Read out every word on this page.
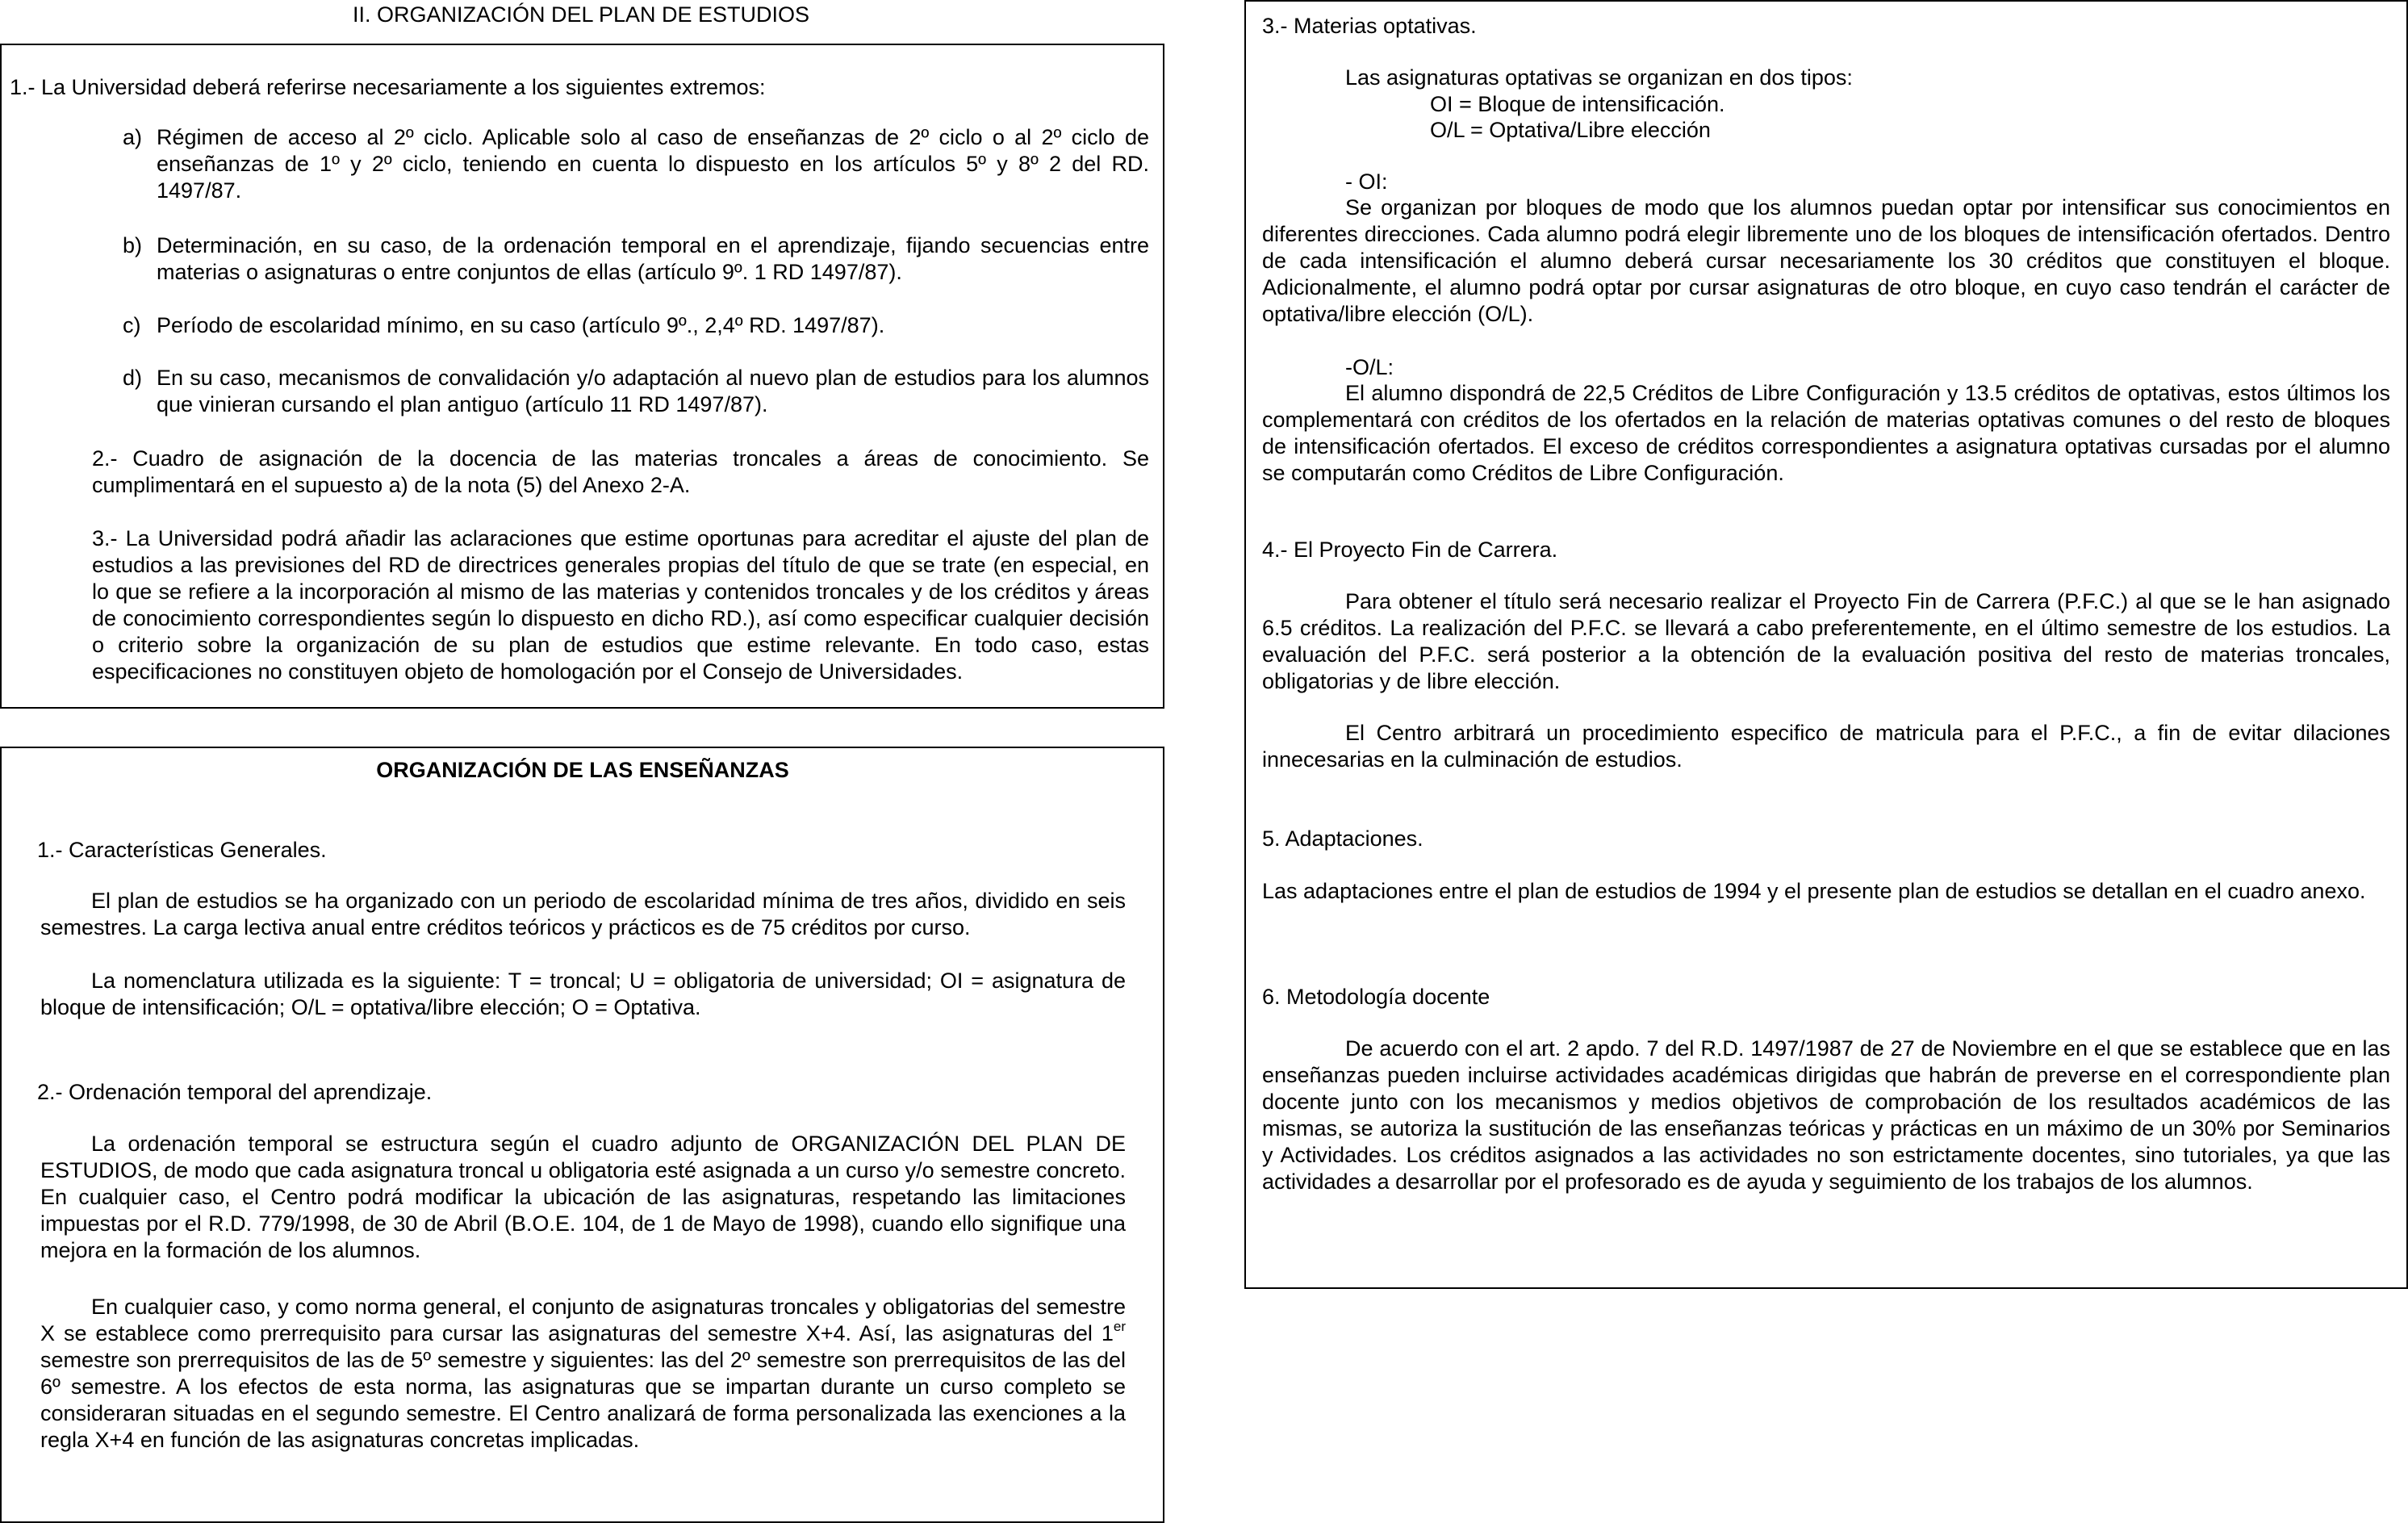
II. ORGANIZACIÓN DEL PLAN DE ESTUDIOS

1.- La Universidad deberá referirse necesariamente a los siguientes extremos:

a) Régimen de acceso al 2º ciclo. Aplicable solo al caso de enseñanzas de 2º ciclo o al 2º ciclo de enseñanzas de 1º y 2º ciclo, teniendo en cuenta lo dispuesto en los artículos 5º y 8º 2 del RD. 1497/87.

b) Determinación, en su caso, de la ordenación temporal en el aprendizaje, fijando secuencias entre materias o asignaturas o entre conjuntos de ellas (artículo 9º. 1 RD 1497/87).

c) Período de escolaridad mínimo, en su caso (artículo 9º., 2,4º RD. 1497/87).

d) En su caso, mecanismos de convalidación y/o adaptación al nuevo plan de estudios para los alumnos que vinieran cursando el plan antiguo (artículo 11 RD 1497/87).

2.- Cuadro de asignación de la docencia de las materias troncales a áreas de conocimiento. Se cumplimentará en el supuesto a) de la nota (5) del Anexo 2-A.

3.- La Universidad podrá añadir las aclaraciones que estime oportunas para acreditar el ajuste del plan de estudios a las previsiones del RD de directrices generales propias del título de que se trate (en especial, en lo que se refiere a la incorporación al mismo de las materias y contenidos troncales y de los créditos y áreas de conocimiento correspondientes según lo dispuesto en dicho RD.), así como especificar cualquier decisión o criterio sobre la organización de su plan de estudios que estime relevante. En todo caso, estas especificaciones no constituyen objeto de homologación por el Consejo de Universidades.

ORGANIZACIÓN DE LAS ENSEÑANZAS

1.- Características Generales.

El plan de estudios se ha organizado con un periodo de escolaridad mínima de tres años, dividido en seis semestres. La carga lectiva anual entre créditos teóricos y prácticos es de 75 créditos por curso.

La nomenclatura utilizada es la siguiente: T = troncal; U = obligatoria de universidad; OI = asignatura de bloque de intensificación; O/L = optativa/libre elección; O = Optativa.

2.- Ordenación temporal del aprendizaje.

La ordenación temporal se estructura según el cuadro adjunto de ORGANIZACIÓN DEL PLAN DE ESTUDIOS, de modo que cada asignatura troncal u obligatoria esté asignada a un curso y/o semestre concreto. En cualquier caso, el Centro podrá modificar la ubicación de las asignaturas, respetando las limitaciones impuestas por el R.D. 779/1998, de 30 de Abril (B.O.E. 104, de 1 de Mayo de 1998), cuando ello signifique una mejora en la formación de los alumnos.

En cualquier caso, y como norma general, el conjunto de asignaturas troncales y obligatorias del semestre X se establece como prerrequisito para cursar las asignaturas del semestre X+4. Así, las asignaturas del 1er semestre son prerrequisitos de las de 5º semestre y siguientes: las del 2º semestre son prerrequisitos de las del 6º semestre. A los efectos de esta norma, las asignaturas que se impartan durante un curso completo se consideraran situadas en el segundo semestre. El Centro analizará de forma personalizada las exenciones a la regla X+4 en función de las asignaturas concretas implicadas.

3.- Materias optativas.

Las asignaturas optativas se organizan en dos tipos:

OI = Bloque de intensificación.

O/L = Optativa/Libre elección

- OI:

Se organizan por bloques de modo que los alumnos puedan optar por intensificar sus conocimientos en diferentes direcciones. Cada alumno podrá elegir libremente uno de los bloques de intensificación ofertados. Dentro de cada intensificación el alumno deberá cursar necesariamente los 30 créditos que constituyen el bloque. Adicionalmente, el alumno podrá optar por cursar asignaturas de otro bloque, en cuyo caso tendrán el carácter de optativa/libre elección (O/L).

-O/L:

El alumno dispondrá de 22,5 Créditos de Libre Configuración y 13.5 créditos de optativas, estos últimos los complementará con créditos de los ofertados en la relación de materias optativas comunes o del resto de bloques de intensificación ofertados. El exceso de créditos correspondientes a asignatura optativas cursadas por el alumno se computarán como Créditos de Libre Configuración.

4.- El Proyecto Fin de Carrera.

Para obtener el título será necesario realizar el Proyecto Fin de Carrera (P.F.C.) al que se le han asignado 6.5 créditos. La realización del P.F.C. se llevará a cabo preferentemente, en el último semestre de los estudios. La evaluación del P.F.C. será posterior a la obtención de la evaluación positiva del resto de materias troncales, obligatorias y de libre elección.

El Centro arbitrará un procedimiento especifico de matricula para el P.F.C., a fin de evitar dilaciones innecesarias en la culminación de estudios.

5. Adaptaciones.

Las adaptaciones entre el plan de estudios de 1994 y el presente plan de estudios se detallan en el cuadro anexo.

6. Metodología docente

De acuerdo con el art. 2 apdo. 7 del R.D. 1497/1987 de 27 de Noviembre en el que se establece que en las enseñanzas pueden incluirse actividades académicas dirigidas que habrán de preverse en el correspondiente plan docente junto con los mecanismos y medios objetivos de comprobación de los resultados académicos de las mismas, se autoriza la sustitución de las enseñanzas teóricas y prácticas en un máximo de un 30% por Seminarios y Actividades. Los créditos asignados a las actividades no son estrictamente docentes, sino tutoriales, ya que las actividades a desarrollar por el profesorado es de ayuda y seguimiento de los trabajos de los alumnos.
